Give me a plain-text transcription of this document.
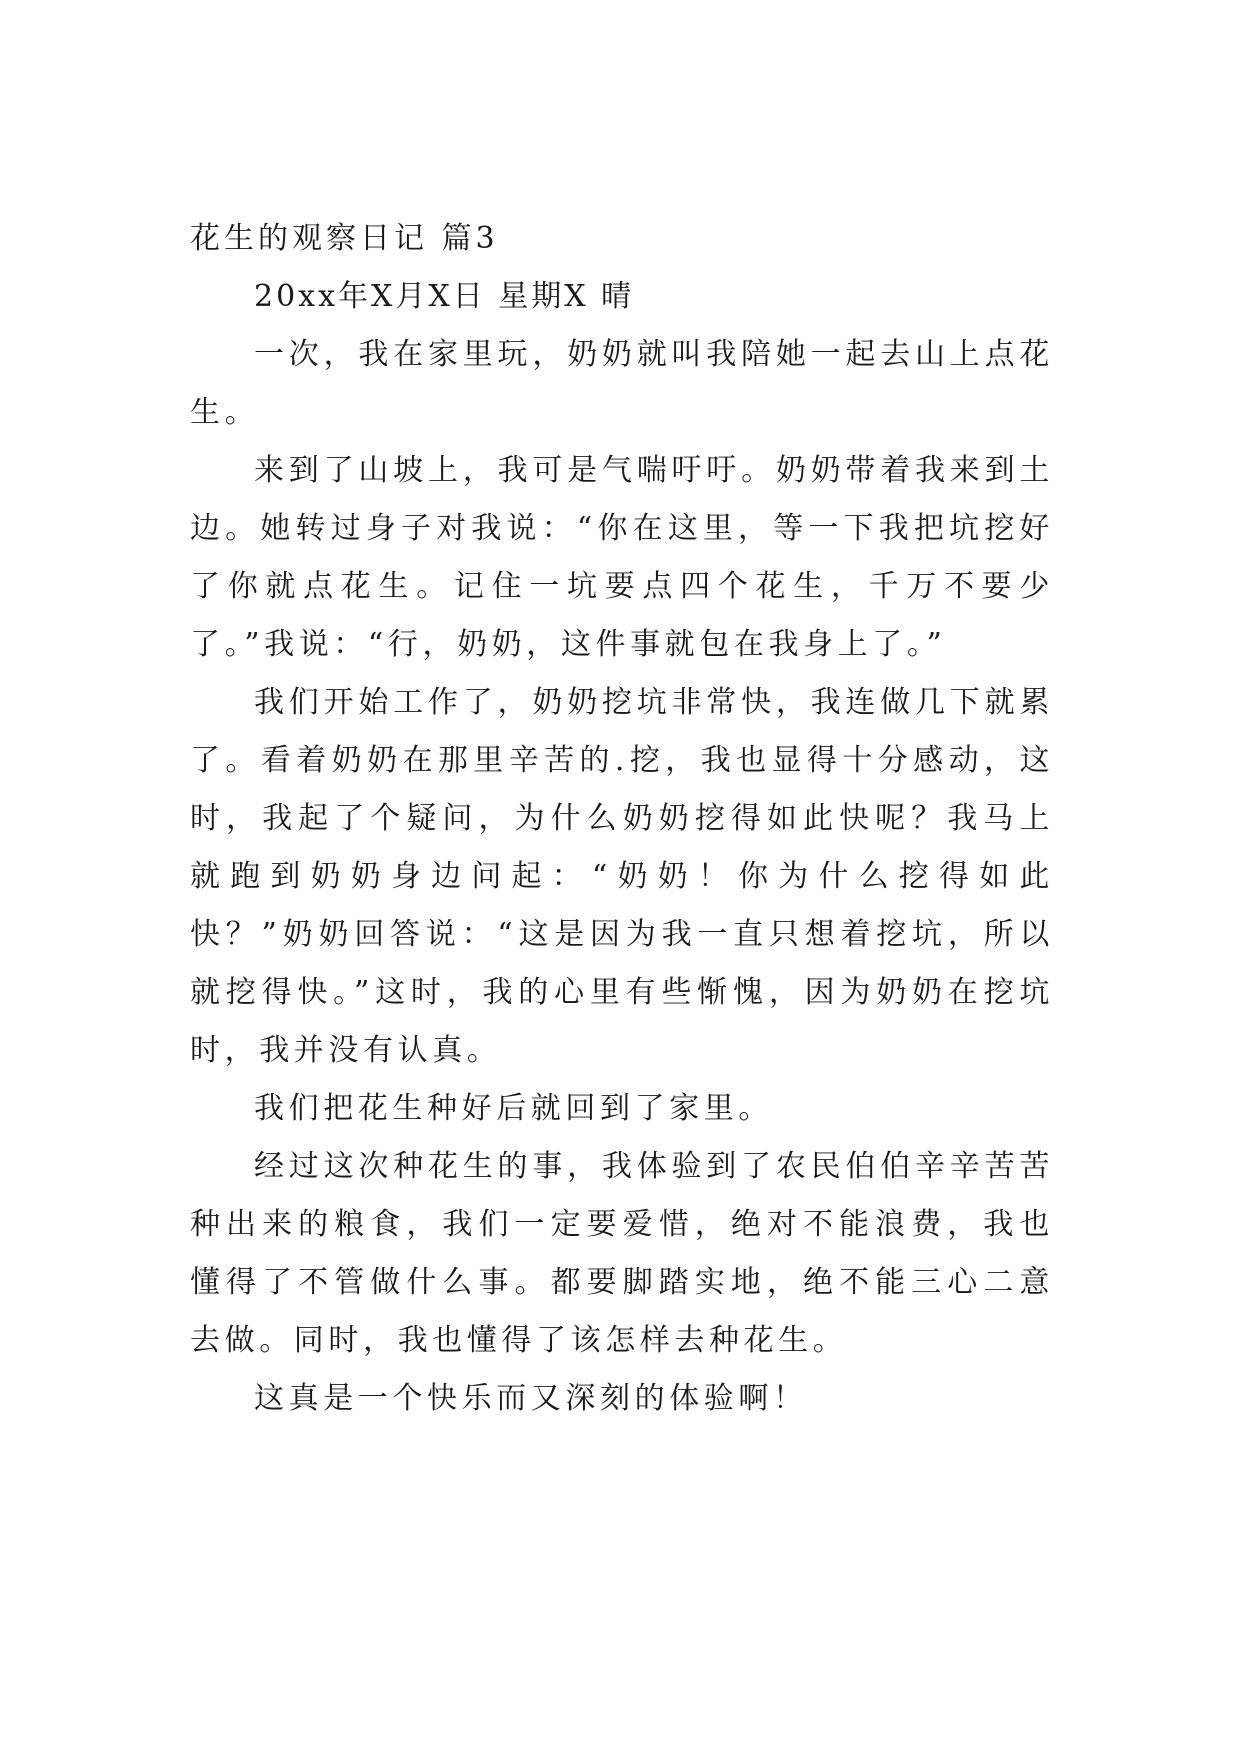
花生的观察日记 篇3

20xx年X月X日 星期X 晴

一次，我在家里玩，奶奶就叫我陪她一起去山上点花生。

来到了山坡上，我可是气喘吁吁。奶奶带着我来到土边。她转过身子对我说：“你在这里，等一下我把坑挖好了你就点花生。记住一坑要点四个花生，千万不要少了。”我说：“行，奶奶，这件事就包在我身上了。”

我们开始工作了，奶奶挖坑非常快，我连做几下就累了。看着奶奶在那里辛苦的.挖，我也显得十分感动，这时，我起了个疑问，为什么奶奶挖得如此快呢？我马上就跑到奶奶身边问起：“奶奶！你为什么挖得如此快？”奶奶回答说：“这是因为我一直只想着挖坑，所以就挖得快。”这时，我的心里有些惭愧，因为奶奶在挖坑时，我并没有认真。

我们把花生种好后就回到了家里。

经过这次种花生的事，我体验到了农民伯伯辛辛苦苦种出来的粮食，我们一定要爱惜，绝对不能浪费，我也懂得了不管做什么事。都要脚踏实地，绝不能三心二意去做。同时，我也懂得了该怎样去种花生。

这真是一个快乐而又深刻的体验啊！
